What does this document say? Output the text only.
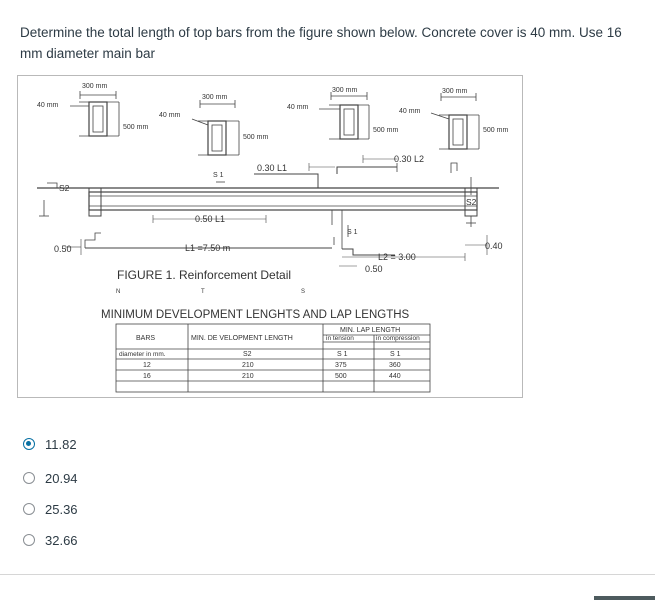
Determine the total length of top bars from the figure shown below. Concrete cover is 40 mm. Use 16 mm diameter main bar
300 mm
40 mm
500 mm
300 mm
40 mm
500 mm
300 mm
40 mm
500 mm
300 mm
40 mm
500 mm
S2
S2
S 1
S 1
0.30 L1
0.30 L2
0.50 L1
L1 =7.50 m
L2 = 3.00
0.50	0.40
0.50
FIGURE 1. Reinforcement Detail
N	T	S
MINIMUM DEVELOPMENT LENGHTS AND LAP LENGTHS
BARS	MIN. DE VELOPMENT LENGTH
MIN. LAP LENGTH
in tension	in compression
diameter in mm.	S2	S 1	S 1
12	210	375	360
16	210	500	440
11.82
20.94
25.36
32.66
